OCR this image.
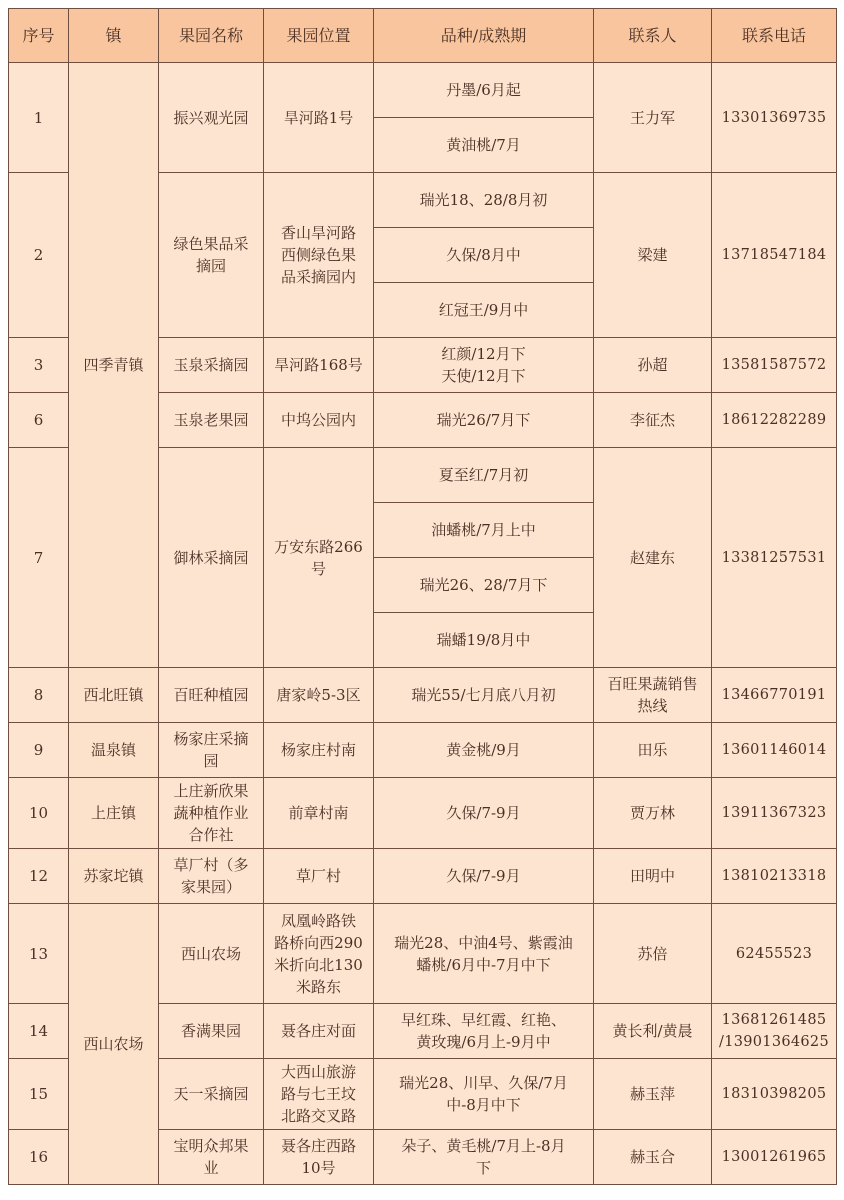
序号	镇	果园名称	果园位置	品种/成熟期	联系人	联系电话
1	四季青镇	振兴观光园	旱河路1号	丹墨/6月起	王力军	13301369735
				黄油桃/7月		
2		绿色果品采
摘园	香山旱河路
西侧绿色果
品采摘园内	瑞光18、28/8月初	梁建	13718547184
				久保/8月中		
				红冠王/9月中		
3		玉泉采摘园	旱河路168号	红颜/12月下
天使/12月下	孙超	13581587572
6		玉泉老果园	中坞公园内	瑞光26/7月下	李征杰	18612282289
7		御林采摘园	万安东路266
号	夏至红/7月初	赵建东	13381257531
				油蟠桃/7月上中		
				瑞光26、28/7月下		
				瑞蟠19/8月中		
8	西北旺镇	百旺种植园	唐家岭5-3区	瑞光55/七月底八月初	百旺果蔬销售
热线	13466770191
9	温泉镇	杨家庄采摘
园	杨家庄村南	黄金桃/9月	田乐	13601146014
10	上庄镇	上庄新欣果
蔬种植作业
合作社	前章村南	久保/7-9月	贾万林	13911367323
12	苏家坨镇	草厂村（多
家果园）	草厂村	久保/7-9月	田明中	13810213318
13	西山农场	西山农场	凤凰岭路铁
路桥向西290
米折向北130
米路东	瑞光28、中油4号、紫霞油
蟠桃/6月中-7月中下	苏倍	62455523
14		香满果园	聂各庄对面	早红珠、早红霞、红艳、
黄玫瑰/6月上-9月中	黄长利/黄晨	13681261485
/13901364625
15		天一采摘园	大西山旅游
路与七王坟
北路交叉路	瑞光28、川早、久保/7月
中-8月中下	赫玉萍	18310398205
16		宝明众邦果
业	聂各庄西路
10号	朵子、黄毛桃/7月上-8月
下	赫玉合	13001261965
